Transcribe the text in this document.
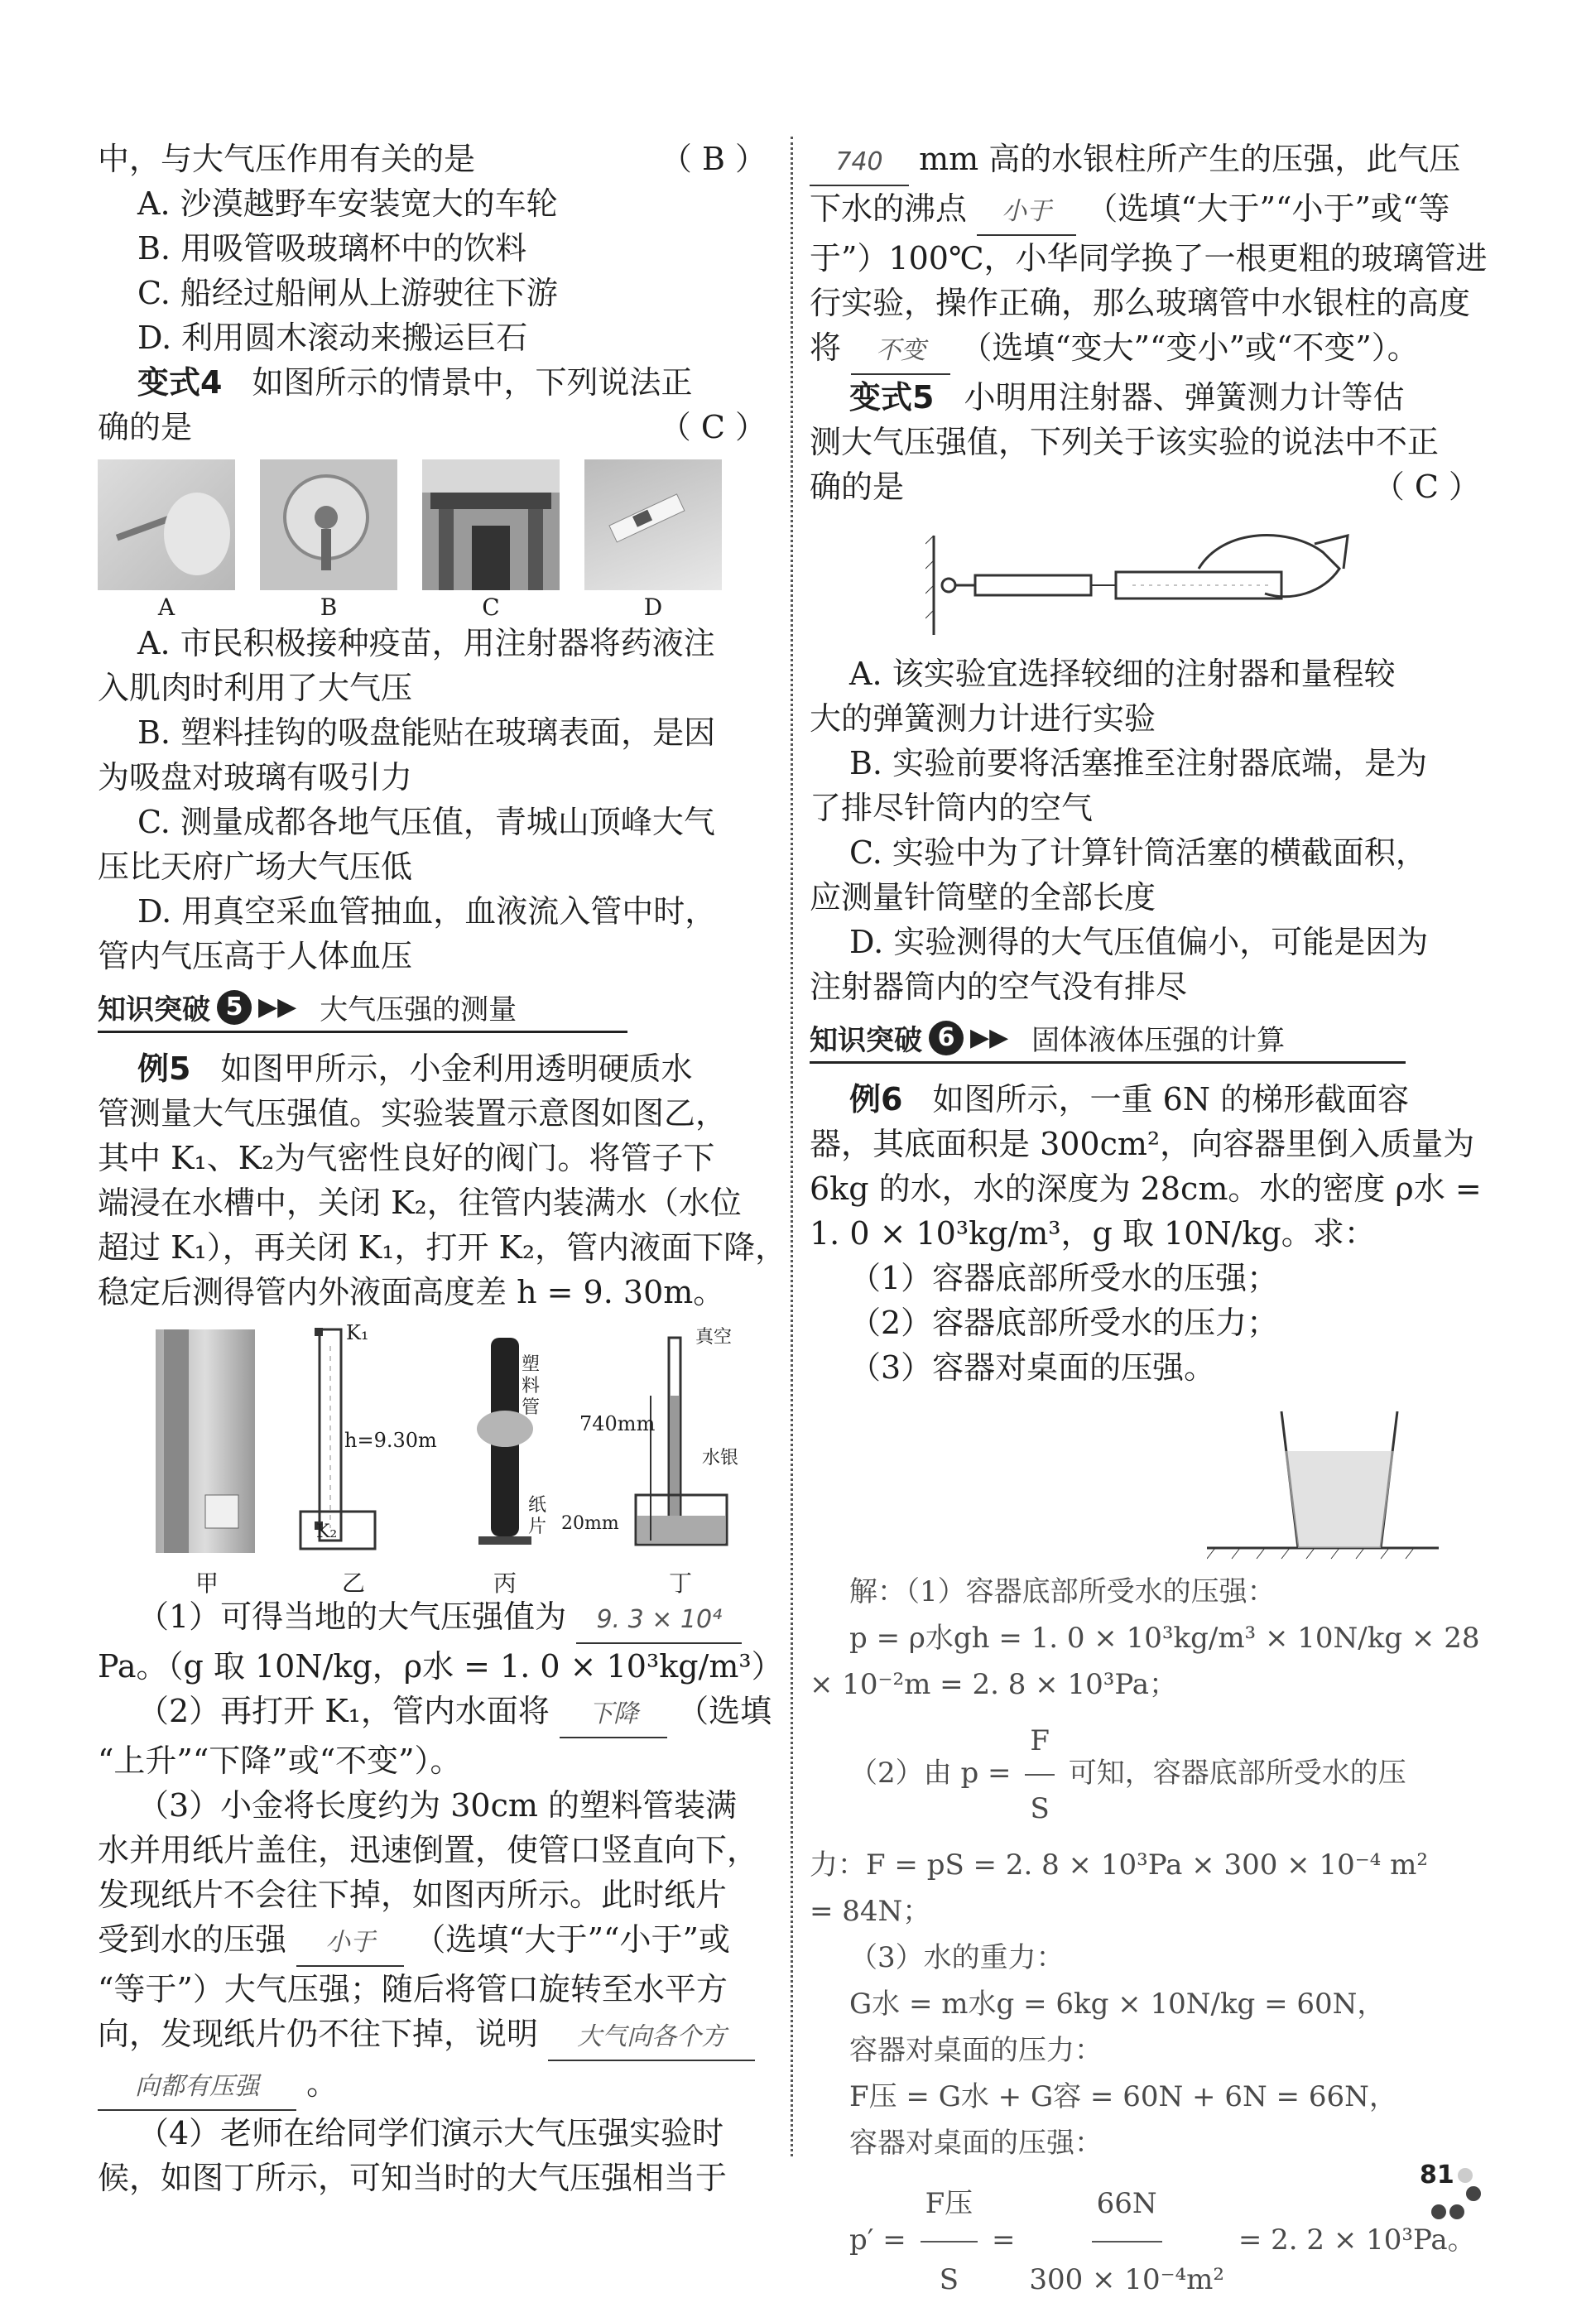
中，与大气压作用有关的是	（ B ）
A. 沙漠越野车安装宽大的车轮
B. 用吸管吸玻璃杯中的饮料
C. 船经过船闸从上游驶往下游
D. 利用圆木滚动来搬运巨石
变式4 如图所示的情景中，下列说法正
确的是	（ C ）
A	B	C	D
A. 市民积极接种疫苗，用注射器将药液注
入肌肉时利用了大气压
B. 塑料挂钩的吸盘能贴在玻璃表面，是因
为吸盘对玻璃有吸引力
C. 测量成都各地气压值，青城山顶峰大气
压比天府广场大气压低
D. 用真空采血管抽血，血液流入管中时，
管内气压高于人体血压
知识突破 5 ▶▶ 大气压强的测量
例5 如图甲所示，小金利用透明硬质水
管测量大气压强值。实验装置示意图如图乙，
其中 K₁、K₂为气密性良好的阀门。将管子下
端浸在水槽中，关闭 K₂，往管内装满水（水位
超过 K₁），再关闭 K₁，打开 K₂，管内液面下降，
稳定后测得管内外液面高度差 h = 9. 30m。
K₁
K₂
h=9.30m
塑料管
纸片
真空
740mm
20mm
水银
甲	乙	丙	丁
（1）可得当地的大气压强值为 9. 3 × 10⁴
Pa。（g 取 10N/kg，ρ水 = 1. 0 × 10³kg/m³）
（2）再打开 K₁，管内水面将 下降 （选填
“上升”“下降”或“不变”）。
（3）小金将长度约为 30cm 的塑料管装满
水并用纸片盖住，迅速倒置，使管口竖直向下，
发现纸片不会往下掉，如图丙所示。此时纸片
受到水的压强 小于 （选填“大于”“小于”或
“等于”）大气压强；随后将管口旋转至水平方
向，发现纸片仍不往下掉，说明 大气向各个方
向都有压强 。
（4）老师在给同学们演示大气压强实验时
候，如图丁所示，可知当时的大气压强相当于
740 mm 高的水银柱所产生的压强，此气压
下水的沸点 小于 （选填“大于”“小于”或“等
于”）100℃，小华同学换了一根更粗的玻璃管进
行实验，操作正确，那么玻璃管中水银柱的高度
将 不变 （选填“变大”“变小”或“不变”）。
变式5 小明用注射器、弹簧测力计等估
测大气压强值，下列关于该实验的说法中不正
确的是	（ C ）
A. 该实验宜选择较细的注射器和量程较
大的弹簧测力计进行实验
B. 实验前要将活塞推至注射器底端，是为
了排尽针筒内的空气
C. 实验中为了计算针筒活塞的横截面积，
应测量针筒壁的全部长度
D. 实验测得的大气压值偏小，可能是因为
注射器筒内的空气没有排尽
知识突破 6 ▶▶ 固体液体压强的计算
例6 如图所示，一重 6N 的梯形截面容
器，其底面积是 300cm²，向容器里倒入质量为
6kg 的水，水的深度为 28cm。水的密度 ρ水 =
1. 0 × 10³kg/m³，g 取 10N/kg。求：
（1）容器底部所受水的压强；
（2）容器底部所受水的压力；
（3）容器对桌面的压强。
解：（1）容器底部所受水的压强：
p = ρ水gh = 1. 0 × 10³kg/m³ × 10N/kg × 28
× 10⁻²m = 2. 8 × 10³Pa；
（2）由 $p = \frac{F}{S}$ 可知，容器底部所受水的压
力：F = pS = 2. 8 × 10³Pa × 300 × 10⁻⁴ m²
= 84N；
（3）水的重力：
G水 = m水g = 6kg × 10N/kg = 60N，
容器对桌面的压力：
F压 = G水 + G容 = 60N + 6N = 66N，
容器对桌面的压强：
$p' = \frac{\text{F压}}{S} = \frac{66N}{\text{300 × 10⁻⁴m²}} = 2$. 2 × 10³Pa。
81
